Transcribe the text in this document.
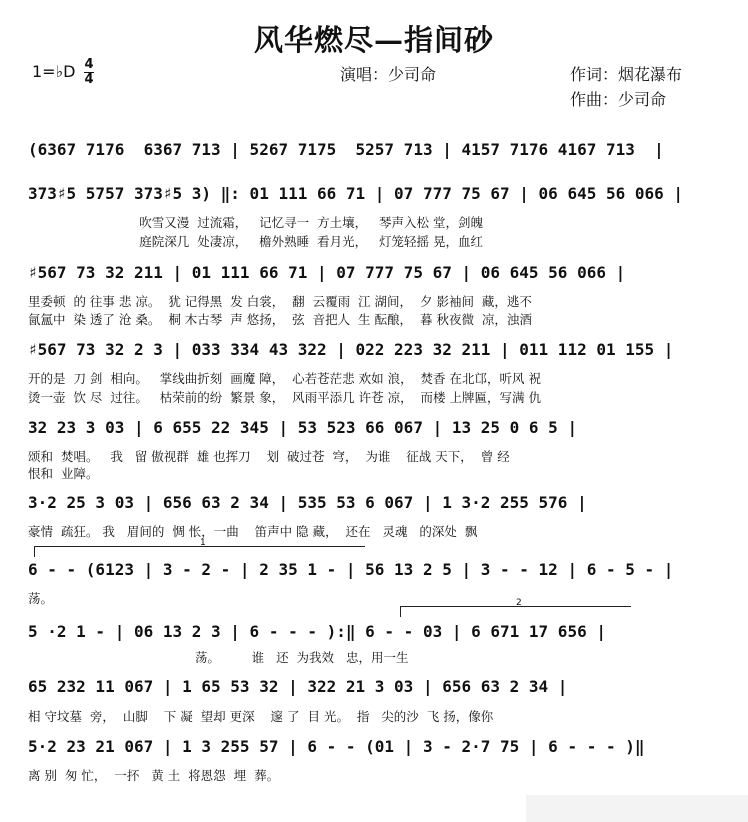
风华燃尽—指间砂
1=♭D 4
4	演唱：少司命	作词：烟花瀑布
作曲：少司命
(6367 7176  6367 713 | 5267 7175  5257 713 | 4157 7176 4167 713  |
373♯5 5757 373♯5 3) ‖: 01 111 66 71 | 07 777 75 67 | 06 645 56 066 |
吹雪又漫  过流霜，   记忆寻一  方土壤，   琴声入松 堂，剑魄
庭院深几  处凄凉，   檐外熟睡  看月光，   灯笼轻摇 晃，血红
♯567 73 32 211 | 01 111 66 71 | 07 777 75 67 | 06 645 56 066 |
里委顿  的 往事 悲 凉。  犹 记得黑  发 白裳，  翻  云覆雨  江 湖间，  夕 影袖间  藏，逃不
氤氲中  染 透了 沧 桑。  桐 木古琴  声 悠扬，  弦  音把人  生 酝酿，  暮 秋夜微  凉，浊酒
♯567 73 32 2 3 | 033 334 43 322 | 022 223 32 211 | 011 112 01 155 |
开的是  刀 剑  相向。   掌线曲折刻  画魔 障，  心若苍茫悲 欢如 浪，  焚香 在北邙，听风 祝
烫一壶  饮 尽  过往。   枯荣前的纷  繁景 象，  风雨平添几 许苍 凉，  而楼 上牌匾，写满 仇
32 23 3 03 | 6 655 22 345 | 53 523 66 067 | 13 25 0 6 5 |
颂和  焚唱。   我   留 傲视群  雄 也挥刀    划  破过苍  穹，  为谁    征战 天下，  曾 经
恨和  业障。
3·2 25 3 03 | 656 63 2 34 | 535 53 6 067 | 1 3·2 255 576 |
豪情  疏狂。 我   眉间的  惆 怅，一曲    笛声中 隐 藏，  还在   灵魂   的深处  飘
1
6 - - (6123 | 3 - 2 - | 2 35 1 - | 56 13 2 5 | 3 - - 12 | 6 - 5 - |
荡。	2
5 ·2 1 - | 06 13 2 3 | 6 - - - ):‖ 6 - - 03 | 6 671 17 656 |
荡。        谁   还  为我效   忠，用一生
65 232 11 067 | 1 65 53 32 | 322 21 3 03 | 656 63 2 34 |
相 守坟墓  旁，  山脚    下 凝  望却 更深    邃 了  目 光。  指   尖的沙  飞 扬，像你
5·2 23 21 067 | 1 3 255 57 | 6 - - (01 | 3 - 2·7 75 | 6 - - - )‖
离 别  匆 忙，  一抔   黄 土  将恩怨  埋  葬。
